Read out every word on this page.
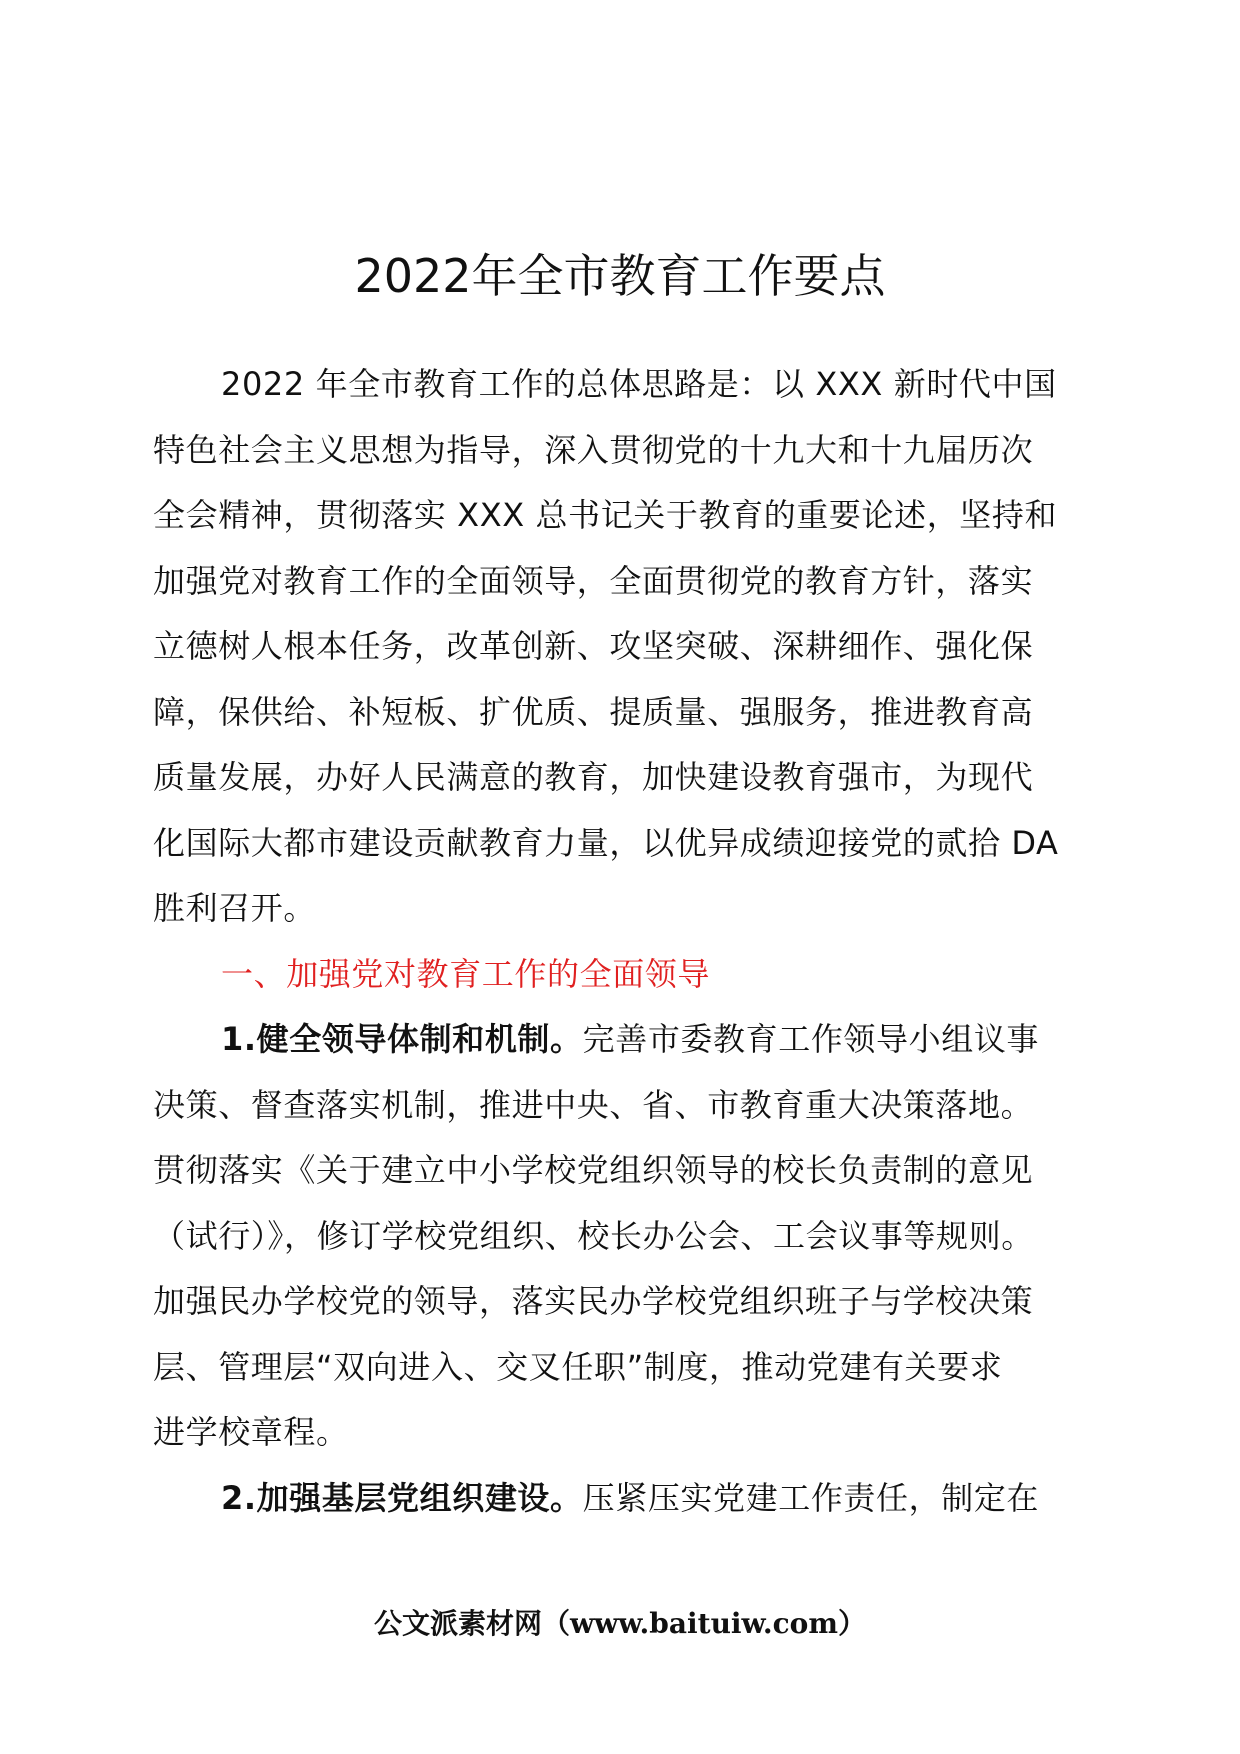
2022年全市教育工作要点
2022 年全市教育工作的总体思路是：以 XXX 新时代中国
特色社会主义思想为指导，深入贯彻党的十九大和十九届历次
全会精神，贯彻落实 XXX 总书记关于教育的重要论述，坚持和
加强党对教育工作的全面领导，全面贯彻党的教育方针，落实
立德树人根本任务，改革创新、攻坚突破、深耕细作、强化保
障，保供给、补短板、扩优质、提质量、强服务，推进教育高
质量发展，办好人民满意的教育，加快建设教育强市，为现代
化国际大都市建设贡献教育力量，以优异成绩迎接党的贰拾 DA
胜利召开。
一、加强党对教育工作的全面领导
1.健全领导体制和机制。完善市委教育工作领导小组议事
决策、督查落实机制，推进中央、省、市教育重大决策落地。
贯彻落实《关于建立中小学校党组织领导的校长负责制的意见
（试行）》，修订学校党组织、校长办公会、工会议事等规则。
加强民办学校党的领导，落实民办学校党组织班子与学校决策
层、管理层“双向进入、交叉任职”制度，推动党建有关要求
进学校章程。
2.加强基层党组织建设。压紧压实党建工作责任，制定在
公文派素材网（www.baituiw.com）
